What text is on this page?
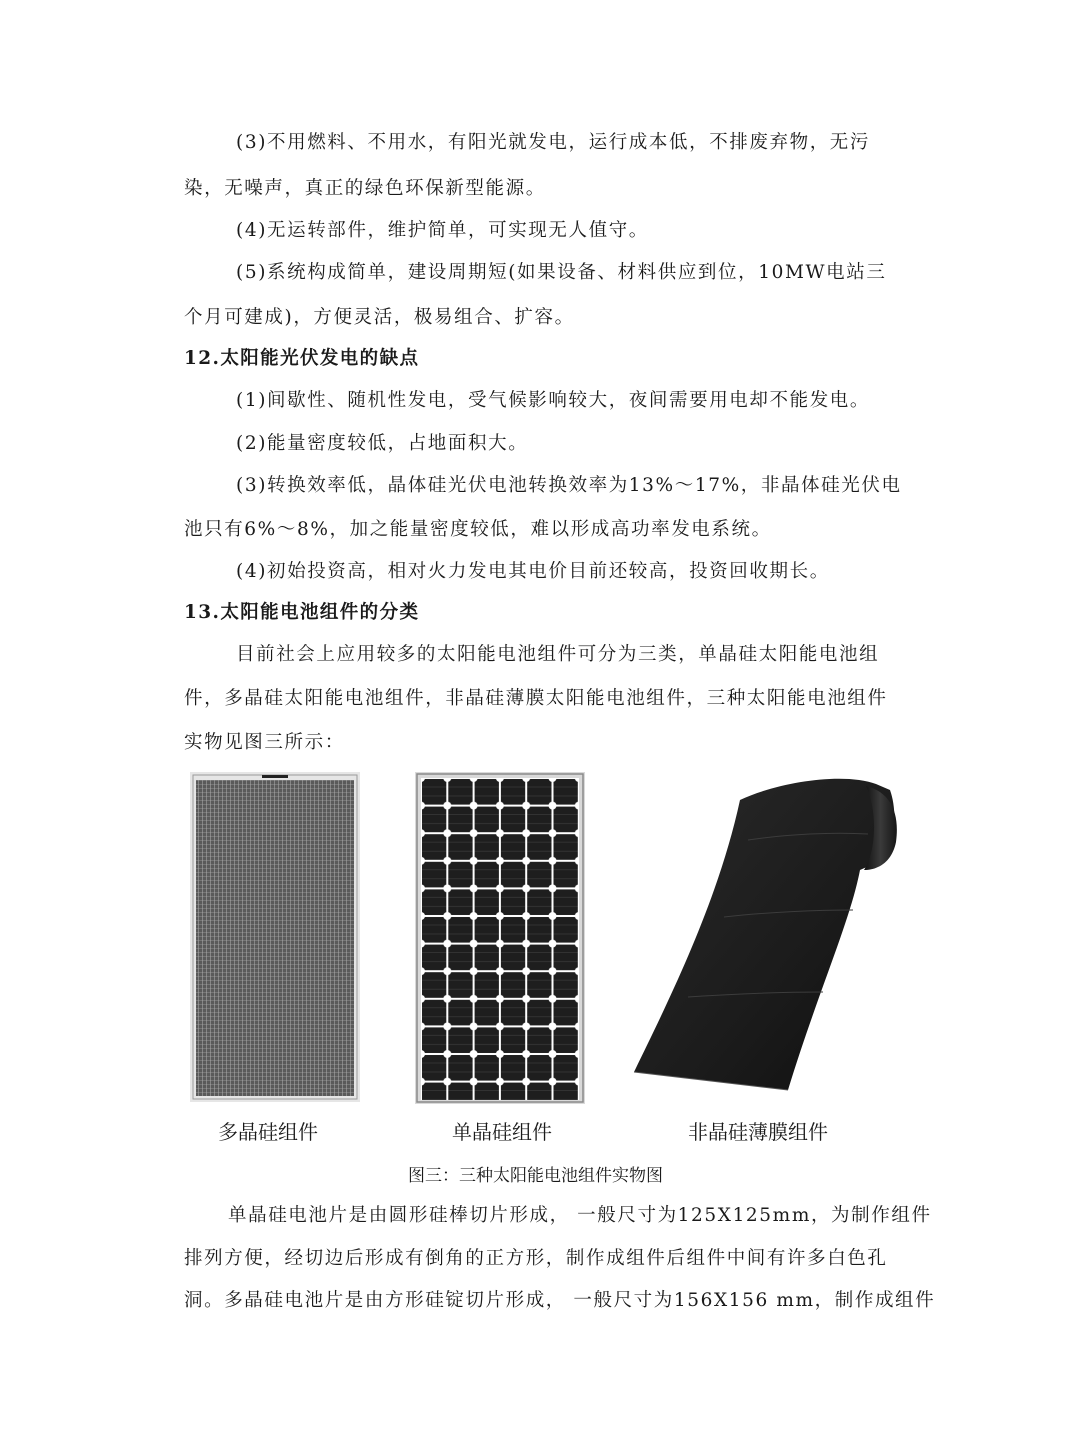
(3)不用燃料、不用水，有阳光就发电，运行成本低，不排废弃物，无污
染，无噪声，真正的绿色环保新型能源。
(4)无运转部件，维护简单，可实现无人值守。
(5)系统构成简单，建设周期短(如果设备、材料供应到位，10MW电站三
个月可建成)，方便灵活，极易组合、扩容。
12.太阳能光伏发电的缺点
(1)间歇性、随机性发电，受气候影响较大，夜间需要用电却不能发电。
(2)能量密度较低，占地面积大。
(3)转换效率低，晶体硅光伏电池转换效率为13%～17%，非晶体硅光伏电
池只有6%～8%，加之能量密度较低，难以形成高功率发电系统。
(4)初始投资高，相对火力发电其电价目前还较高，投资回收期长。
13.太阳能电池组件的分类
目前社会上应用较多的太阳能电池组件可分为三类，单晶硅太阳能电池组
件，多晶硅太阳能电池组件，非晶硅薄膜太阳能电池组件，三种太阳能电池组件
实物见图三所示：
多晶硅组件	单晶硅组件	非晶硅薄膜组件
图三：三种太阳能电池组件实物图
单晶硅电池片是由圆形硅棒切片形成， 一般尺寸为125X125mm，为制作组件
排列方便，经切边后形成有倒角的正方形，制作成组件后组件中间有许多白色孔
洞。多晶硅电池片是由方形硅锭切片形成， 一般尺寸为156X156 mm，制作成组件
